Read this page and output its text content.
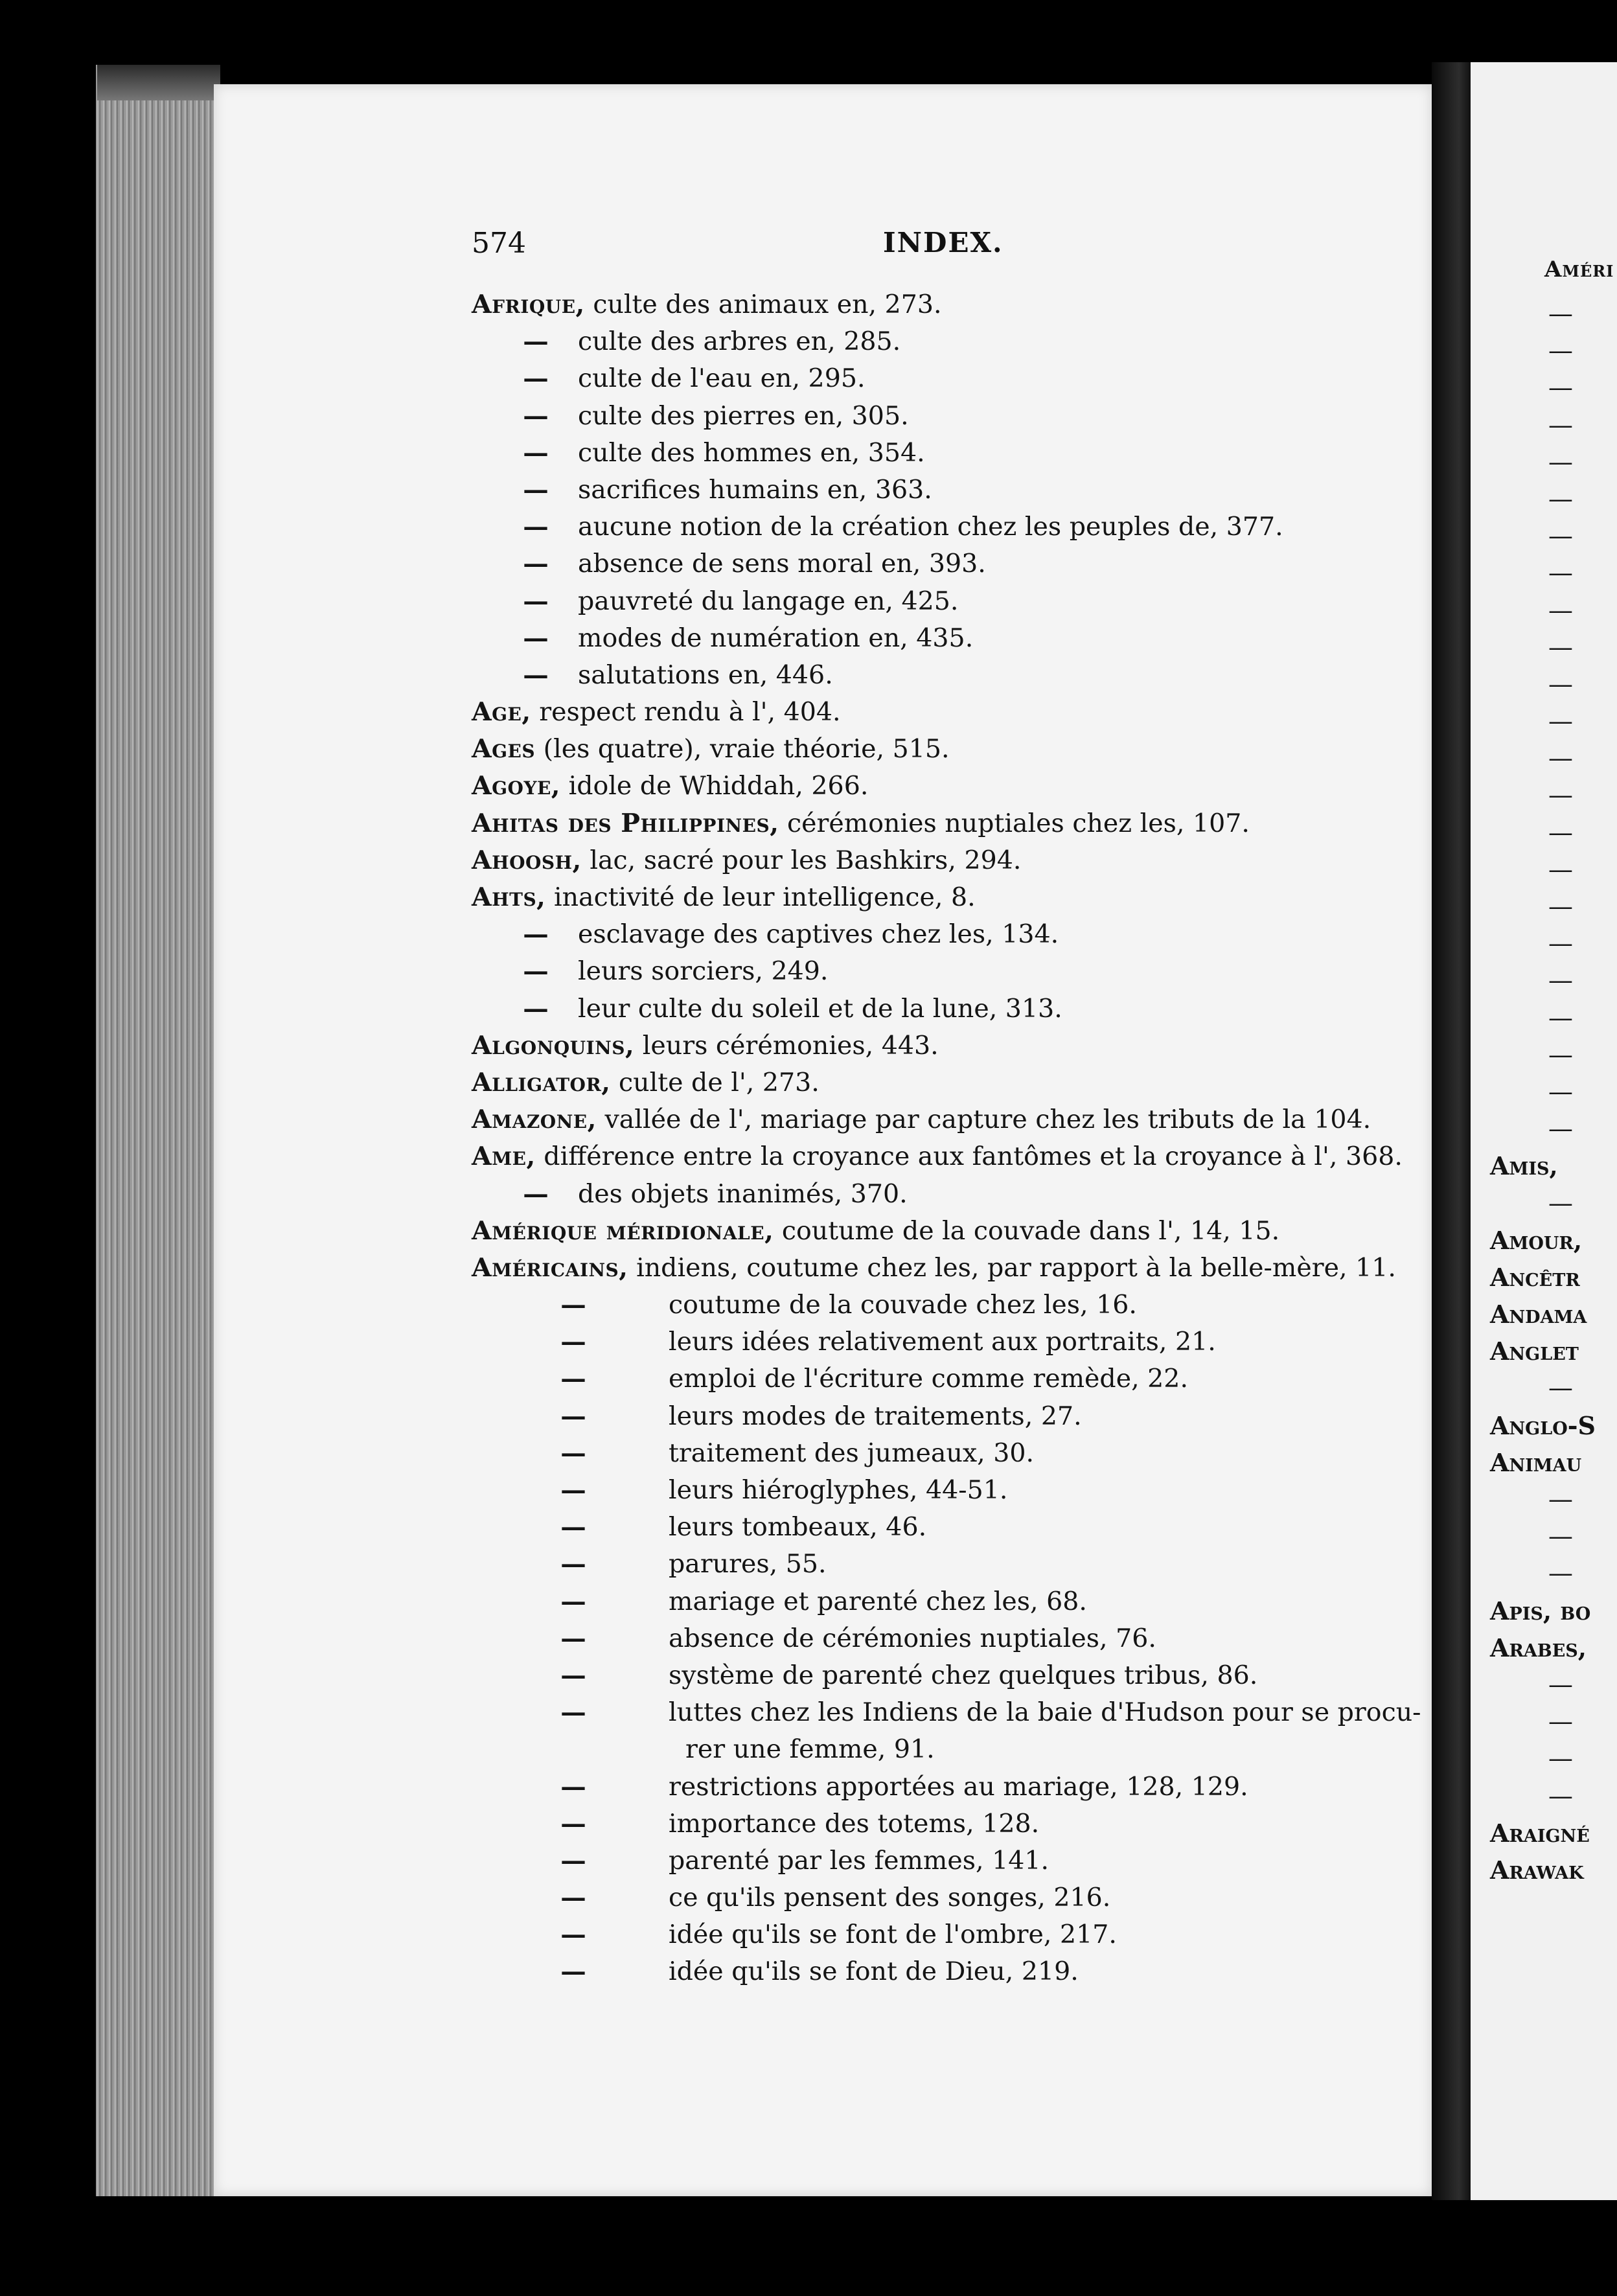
574	INDEX.
Afrique, culte des animaux en, 273.
— culte des arbres en, 285.
— culte de l'eau en, 295.
— culte des pierres en, 305.
— culte des hommes en, 354.
— sacrifices humains en, 363.
— aucune notion de la création chez les peuples de, 377.
— absence de sens moral en, 393.
— pauvreté du langage en, 425.
— modes de numération en, 435.
— salutations en, 446.
Age, respect rendu à l', 404.
Ages (les quatre), vraie théorie, 515.
Agoye, idole de Whiddah, 266.
Ahitas des Philippines, cérémonies nuptiales chez les, 107.
Ahoosh, lac, sacré pour les Bashkirs, 294.
Ahts, inactivité de leur intelligence, 8.
— esclavage des captives chez les, 134.
— leurs sorciers, 249.
— leur culte du soleil et de la lune, 313.
Algonquins, leurs cérémonies, 443.
Alligator, culte de l', 273.
Amazone, vallée de l', mariage par capture chez les tributs de la 104.
Ame, différence entre la croyance aux fantômes et la croyance à l', 368.
— des objets inanimés, 370.
Amérique méridionale, coutume de la couvade dans l', 14, 15.
Américains, indiens, coutume chez les, par rapport à la belle-mère, 11.
—	coutume de la couvade chez les, 16.
—	leurs idées relativement aux portraits, 21.
—	emploi de l'écriture comme remède, 22.
—	leurs modes de traitements, 27.
—	traitement des jumeaux, 30.
—	leurs hiéroglyphes, 44-51.
—	leurs tombeaux, 46.
—	parures, 55.
—	mariage et parenté chez les, 68.
—	absence de cérémonies nuptiales, 76.
—	système de parenté chez quelques tribus, 86.
—	luttes chez les Indiens de la baie d'Hudson pour se procu-
rer une femme, 91.
—	restrictions apportées au mariage, 128, 129.
—	importance des totems, 128.
—	parenté par les femmes, 141.
—	ce qu'ils pensent des songes, 216.
—	idée qu'ils se font de l'ombre, 217.
—	idée qu'ils se font de Dieu, 219.
Améri
—
—
—
—
—
—
—
—
—
—
—
—
—
—
—
—
—
—
—
—
—
—
—
Amis,
—
Amour,
Ancêtr
Andama
Anglet
—
Anglo-S
Animau
—
—
—
Apis, bo
Arabes,
—
—
—
—
Araigné
Arawak
